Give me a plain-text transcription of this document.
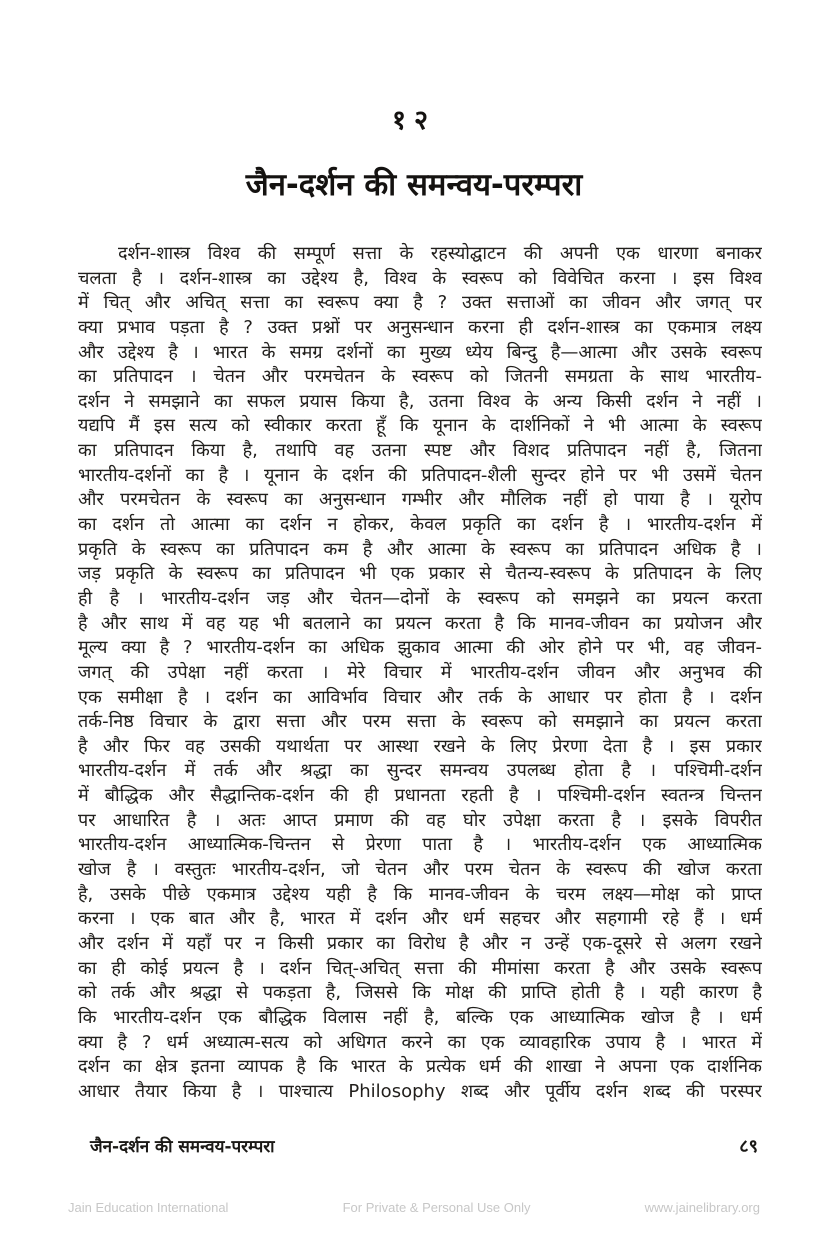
१२
जैन-दर्शन की समन्वय-परम्परा
दर्शन-शास्त्र विश्व की सम्पूर्ण सत्ता के रहस्योद्घाटन की अपनी एक धारणा बनाकर
चलता है । दर्शन-शास्त्र का उद्देश्य है, विश्व के स्वरूप को विवेचित करना । इस विश्व
में चित् और अचित् सत्ता का स्वरूप क्या है ? उक्त सत्ताओं का जीवन और जगत् पर
क्या प्रभाव पड़ता है ? उक्त प्रश्नों पर अनुसन्धान करना ही दर्शन-शास्त्र का एकमात्र लक्ष्य
और उद्देश्य है । भारत के समग्र दर्शनों का मुख्य ध्येय बिन्दु है—आत्मा और उसके स्वरूप
का प्रतिपादन । चेतन और परमचेतन के स्वरूप को जितनी समग्रता के साथ भारतीय-
दर्शन ने समझाने का सफल प्रयास किया है, उतना विश्व के अन्य किसी दर्शन ने नहीं ।
यद्यपि मैं इस सत्य को स्वीकार करता हूँ कि यूनान के दार्शनिकों ने भी आत्मा के स्वरूप
का प्रतिपादन किया है, तथापि वह उतना स्पष्ट और विशद प्रतिपादन नहीं है, जितना
भारतीय-दर्शनों का है । यूनान के दर्शन की प्रतिपादन-शैली सुन्दर होने पर भी उसमें चेतन
और परमचेतन के स्वरूप का अनुसन्धान गम्भीर और मौलिक नहीं हो पाया है । यूरोप
का दर्शन तो आत्मा का दर्शन न होकर, केवल प्रकृति का दर्शन है । भारतीय-दर्शन में
प्रकृति के स्वरूप का प्रतिपादन कम है और आत्मा के स्वरूप का प्रतिपादन अधिक है ।
जड़ प्रकृति के स्वरूप का प्रतिपादन भी एक प्रकार से चैतन्य-स्वरूप के प्रतिपादन के लिए
ही है । भारतीय-दर्शन जड़ और चेतन—दोनों के स्वरूप को समझने का प्रयत्न करता
है और साथ में वह यह भी बतलाने का प्रयत्न करता है कि मानव-जीवन का प्रयोजन और
मूल्य क्या है ? भारतीय-दर्शन का अधिक झुकाव आत्मा की ओर होने पर भी, वह जीवन-
जगत् की उपेक्षा नहीं करता । मेरे विचार में भारतीय-दर्शन जीवन और अनुभव की
एक समीक्षा है । दर्शन का आविर्भाव विचार और तर्क के आधार पर होता है । दर्शन
तर्क-निष्ठ विचार के द्वारा सत्ता और परम सत्ता के स्वरूप को समझाने का प्रयत्न करता
है और फिर वह उसकी यथार्थता पर आस्था रखने के लिए प्रेरणा देता है । इस प्रकार
भारतीय-दर्शन में तर्क और श्रद्धा का सुन्दर समन्वय उपलब्ध होता है । पश्चिमी-दर्शन
में बौद्धिक और सैद्धान्तिक-दर्शन की ही प्रधानता रहती है । पश्चिमी-दर्शन स्वतन्त्र चिन्तन
पर आधारित है । अतः आप्त प्रमाण की वह घोर उपेक्षा करता है । इसके विपरीत
भारतीय-दर्शन आध्यात्मिक-चिन्तन से प्रेरणा पाता है । भारतीय-दर्शन एक आध्यात्मिक
खोज है । वस्तुतः भारतीय-दर्शन, जो चेतन और परम चेतन के स्वरूप की खोज करता
है, उसके पीछे एकमात्र उद्देश्य यही है कि मानव-जीवन के चरम लक्ष्य—मोक्ष को प्राप्त
करना । एक बात और है, भारत में दर्शन और धर्म सहचर और सहगामी रहे हैं । धर्म
और दर्शन में यहाँ पर न किसी प्रकार का विरोध है और न उन्हें एक-दूसरे से अलग रखने
का ही कोई प्रयत्न है । दर्शन चित्-अचित् सत्ता की मीमांसा करता है और उसके स्वरूप
को तर्क और श्रद्धा से पकड़ता है, जिससे कि मोक्ष की प्राप्ति होती है । यही कारण है
कि भारतीय-दर्शन एक बौद्धिक विलास नहीं है, बल्कि एक आध्यात्मिक खोज है । धर्म
क्या है ? धर्म अध्यात्म-सत्य को अधिगत करने का एक व्यावहारिक उपाय है । भारत में
दर्शन का क्षेत्र इतना व्यापक है कि भारत के प्रत्येक धर्म की शाखा ने अपना एक दार्शनिक
आधार तैयार किया है । पाश्चात्य Philosophy शब्द और पूर्वीय दर्शन शब्द की परस्पर
जैन-दर्शन की समन्वय-परम्परा	८९
Jain Education International	For Private & Personal Use Only	www.jainelibrary.org
